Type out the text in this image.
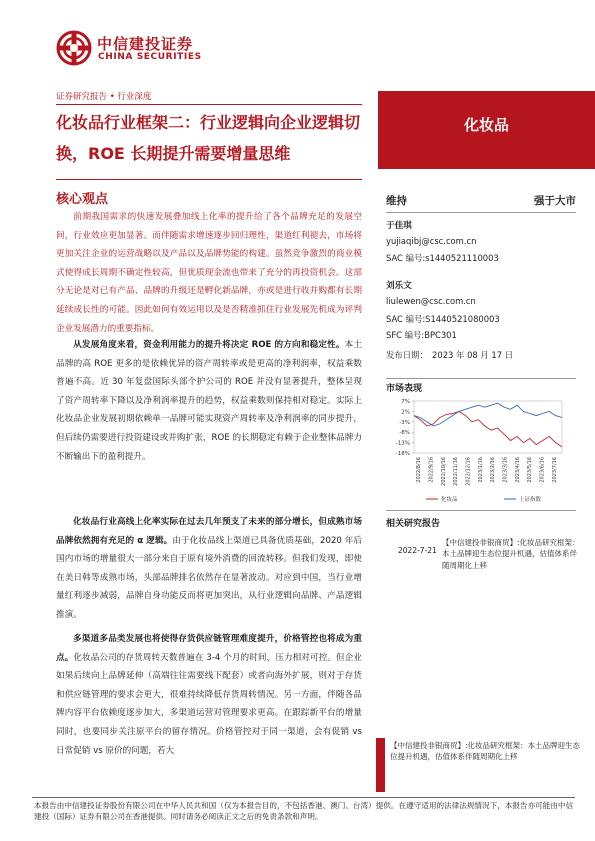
中信建投证券
CHINA SECURITIES
证券研究报告 • 行业深度
化妆品行业框架二：行业逻辑向企业逻辑切换，ROE 长期提升需要增量思维
化妆品
核心观点
前期我国需求的快速发展叠加线上化率的提升给了各个品牌充足的发展空间，行业效应更加显著。而伴随需求增速逐步回归理性，渠道红利褪去，市场将更加关注企业的运营战略以及产品以及品牌势能的构建。虽然竞争激烈的商业模式使得成长周期不确定性较高，但优质现金流也带来了充分的再投资机会。这部分无论是对已有产品、品牌的升级还是孵化新品牌，亦或是进行收并购都有长期延续成长性的可能。因此如何有效运用以及是否精准抓住行业发展先机成为评判企业发展潜力的重要指标。
从发展角度来看，资金利用能力的提升将决定 ROE 的方向和稳定性。本土品牌的高 ROE 更多的是依赖优异的资产周转率或是更高的净利润率，权益乘数普遍不高。近 30 年复盘国际头部个护公司的 ROE 并没有显著提升，整体呈现了资产周转率下降以及净利润率提升的趋势，权益乘数则保持相对稳定。实际上化妆品企业发展初期依赖单一品牌可能实现资产周转率及净利润率的同步提升，但后续仍需要进行投资建设或并购扩张，ROE 的长期稳定有赖于企业整体品牌力不断输出下的盈利提升。
化妆品行业高线上化率实际在过去几年预支了未来的部分增长，但成熟市场品牌依然拥有充足的 α 逻辑。由于化妆品线上渠道已具备优质基础，2020 年后国内市场的增量很大一部分来自于原有境外消费的回流转移。但我们发现，即使在美日韩等成熟市场，头部品牌排名依然存在显著波动。对应到中国，当行业增量红利逐步减弱，品牌自身功能反而将更加突出，从行业逻辑向品牌、产品逻辑推演。
多渠道多品类发展也将使得存货供应链管理难度提升，价格管控也将成为重点。化妆品公司的存货周转天数普遍在 3-4 个月的时间，压力相对可控。但企业如果后续向上品牌延伸（高端往往需要线下配套）或者向海外扩展，则对于存货和供应链管理的要求会更大，很难持续降低存货周转情况。另一方面，伴随各品牌内容平台依赖度逐步加大，多渠道运营对管理要求更高。在跟踪新平台的增量同时，也要同步关注原平台的留存情况。价格管控对于同一渠道，会有促销 vs 日常促销 vs 原价的问题，若大
维持	强于大市
于佳琪
yujiaqibj@csc.com.cn
SAC 编号:s1440521110003
刘乐文
liulewen@csc.com.cn
SAC 编号:S1440521080003
SFC 编号:BPC301
发布日期：　2023 年 08 月 17 日
市场表现
7%
2%
-3%
-8%
-13%
-18%
2022/8/16 2022/9/16 2022/10/16 2022/11/16 2022/12/16 2023/1/16 2023/2/16 2023/3/16 2023/4/16 2023/5/16 2023/6/16 2023/7/16
化妆品	上证指数
相关研究报告
2022-7-21
【中信建投非银商贸】:化妆品研究框架：本土品牌迎生态位提升机遇，估值体系伴随周期化上移
【中信建投非银商贸】:化妆品研究框架：本土品牌迎生态位提升机遇，估值体系伴随周期化上移
本报告由中信建投证券股份有限公司在中华人民共和国（仅为本报告目的，不包括香港、澳门、台湾）提供。在遵守适用的法律法规情况下，本报告亦可能由中信建投（国际）证券有限公司在香港提供。同时请务必阅读正文之后的免责条款和声明。
